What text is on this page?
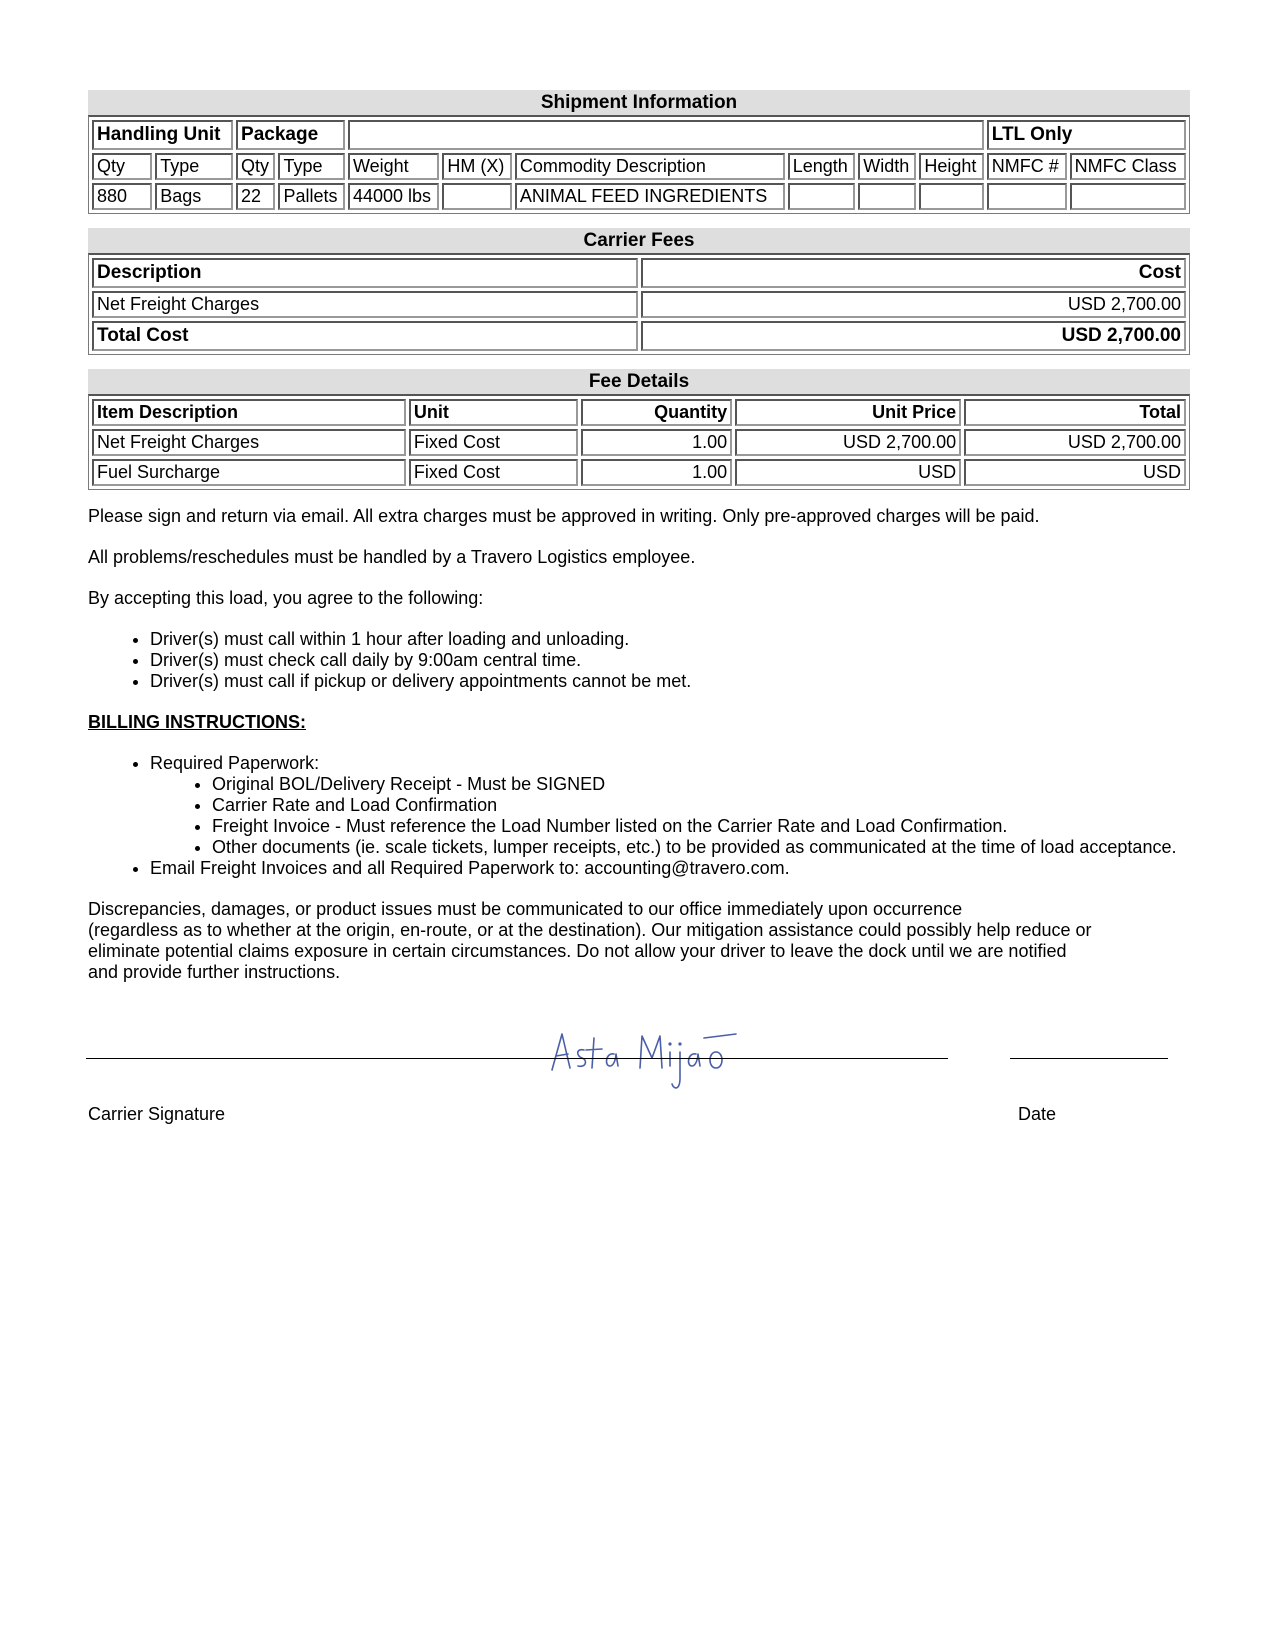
Shipment Information
Handling Unit		Package								LTL Only	
Qty	Type	Qty	Type	Weight	HM (X)	Commodity Description	Length	Width	Height	NMFC #	NMFC Class
880	Bags	22	Pallets	44000 lbs		ANIMAL FEED INGREDIENTS					
Carrier Fees
Description	Cost
Net Freight Charges	USD 2,700.00
Total Cost	USD 2,700.00
Fee Details
Item Description	Unit	Quantity	Unit Price	Total
Net Freight Charges	Fixed Cost	1.00	USD 2,700.00	USD 2,700.00
Fuel Surcharge	Fixed Cost	1.00	USD	USD

Please sign and return via email. All extra charges must be approved in writing. Only pre-approved charges will be paid.

All problems/reschedules must be handled by a Travero Logistics employee.

By accepting this load, you agree to the following:

• Driver(s) must call within 1 hour after loading and unloading.
• Driver(s) must check call daily by 9:00am central time.
• Driver(s) must call if pickup or delivery appointments cannot be met.

BILLING INSTRUCTIONS:

• Required Paperwork:
• Original BOL/Delivery Receipt - Must be SIGNED
• Carrier Rate and Load Confirmation
• Freight Invoice - Must reference the Load Number listed on the Carrier Rate and Load Confirmation.
• Other documents (ie. scale tickets, lumper receipts, etc.) to be provided as communicated at the time of load acceptance.
• Email Freight Invoices and all Required Paperwork to: accounting@travero.com.

Discrepancies, damages, or product issues must be communicated to our office immediately upon occurrence

(regardless as to whether at the origin, en-route, or at the destination). Our mitigation assistance could possibly help reduce or

eliminate potential claims exposure in certain circumstances. Do not allow your driver to leave the dock until we are notified

and provide further instructions.

Carrier Signature	Date
